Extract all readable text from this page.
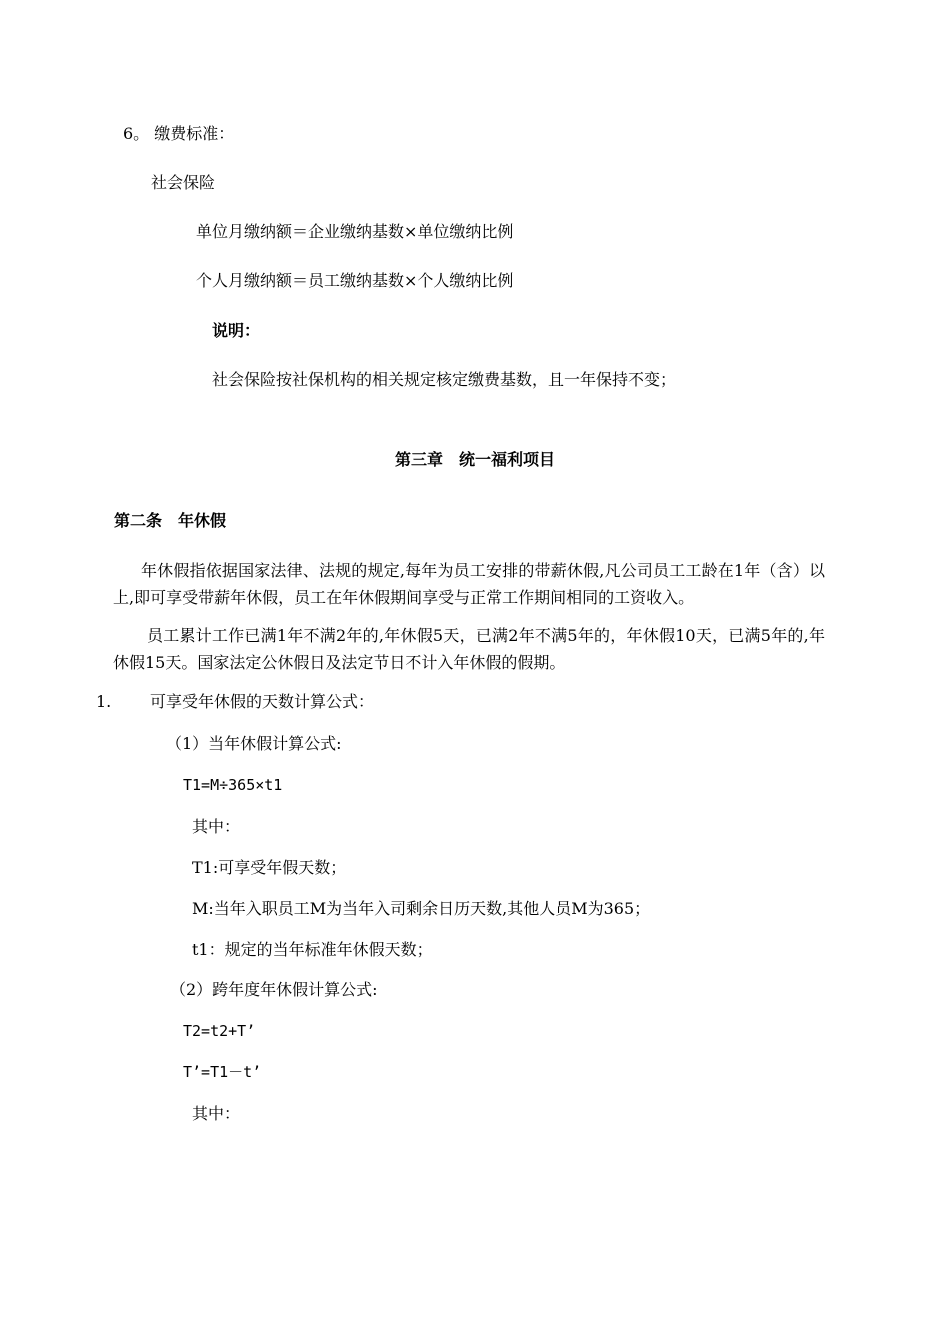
6。 缴费标准：
社会保险
单位月缴纳额＝企业缴纳基数×单位缴纳比例
个人月缴纳额＝员工缴纳基数×个人缴纳比例
说明：
社会保险按社保机构的相关规定核定缴费基数，且一年保持不变；
第三章　统一福利项目
第二条　年休假
年休假指依据国家法律、法规的规定,每年为员工安排的带薪休假,凡公司员工工龄在1年（含）以上,即可享受带薪年休假，员工在年休假期间享受与正常工作期间相同的工资收入。
员工累计工作已满1年不满2年的,年休假5天，已满2年不满5年的，年休假10天，已满5年的,年休假15天。国家法定公休假日及法定节日不计入年休假的假期。
1. 可享受年休假的天数计算公式：
（1）当年休假计算公式:
T1=M÷365×t1
其中：
T1:可享受年假天数；
M:当年入职员工M为当年入司剩余日历天数,其他人员M为365；
t1：规定的当年标准年休假天数；
（2）跨年度年休假计算公式:
T2=t2+T’
T’=T1－t’
其中：
